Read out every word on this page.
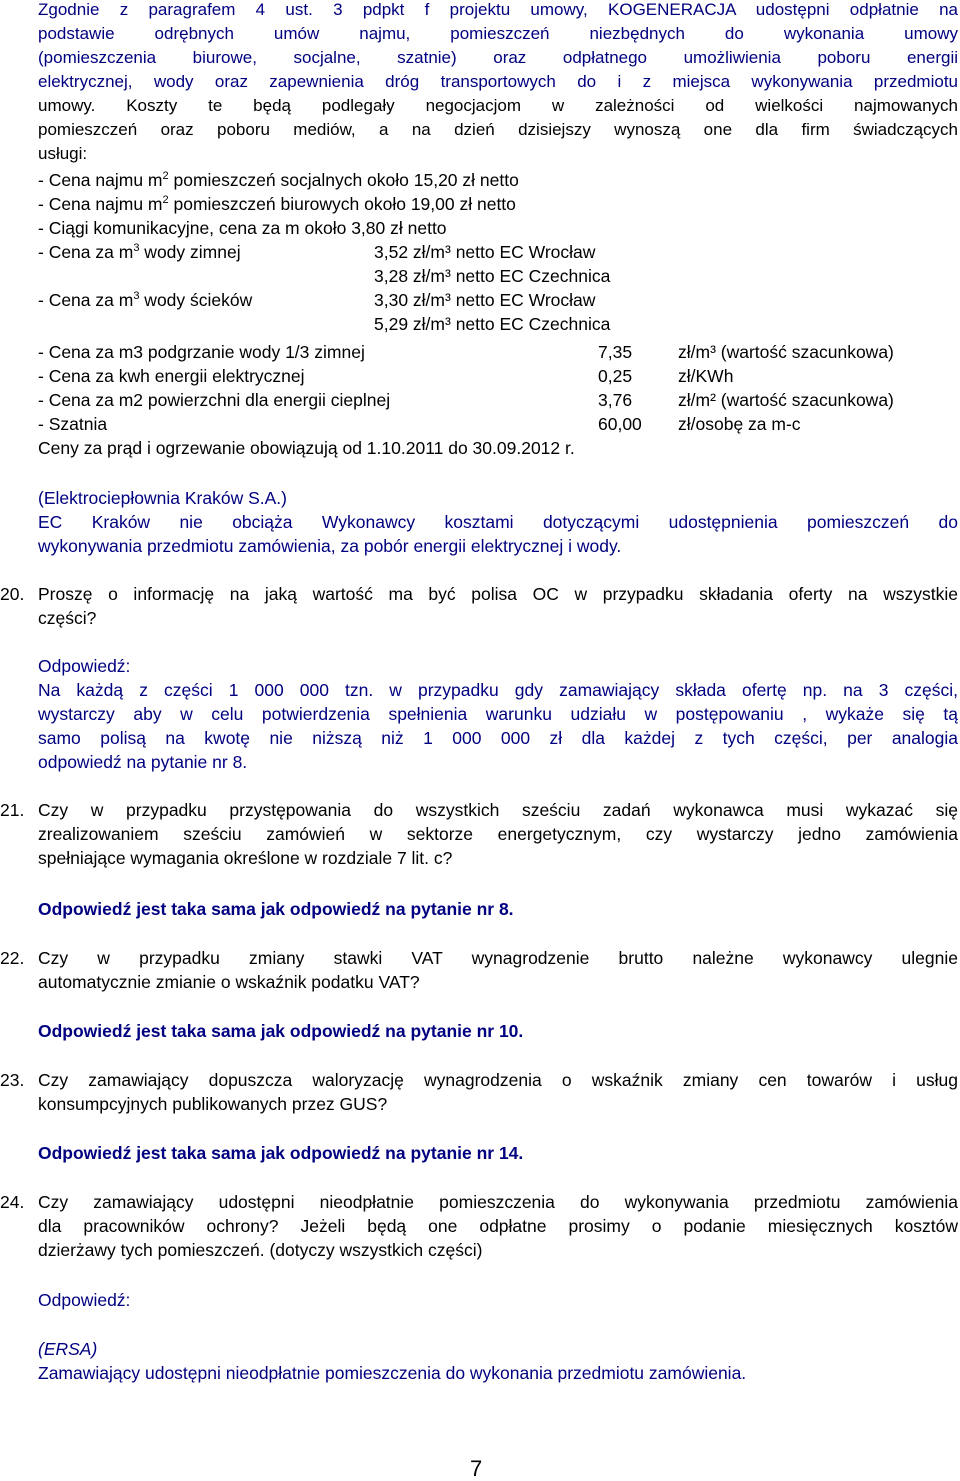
Zgodnie z paragrafem 4 ust. 3 pdpkt f projektu umowy, KOGENERACJA udostępni odpłatnie na
podstawie odrębnych umów najmu, pomieszczeń niezbędnych do wykonania umowy
(pomieszczenia biurowe, socjalne, szatnie) oraz odpłatnego umożliwienia poboru energii
elektrycznej, wody oraz zapewnienia dróg transportowych do i z miejsca wykonywania przedmiotu
umowy. Koszty te będą podlegały negocjacjom w zależności od wielkości najmowanych
pomieszczeń oraz poboru mediów, a na dzień dzisiejszy wynoszą one dla firm świadczących
usługi:
- Cena najmu $m^2$ pomieszczeń socjalnych około 15,20 zł netto
- Cena najmu $m^2$ pomieszczeń biurowych około 19,00 zł netto
- Ciągi komunikacyjne, cena za m około 3,80 zł netto
- Cena za $m^3$ wody zimnej	3,52 zł/m³ netto EC Wrocław
3,28 zł/m³ netto EC Czechnica
- Cena za $m^3$ wody ścieków	3,30 zł/m³ netto EC Wrocław
5,29 zł/m³ netto EC Czechnica
- Cena za m3 podgrzanie wody 1/3 zimnej	7,35	zł/m³ (wartość szacunkowa)
- Cena za kwh energii elektrycznej	0,25	zł/KWh
- Cena za m2 powierzchni dla energii cieplnej	3,76	zł/m² (wartość szacunkowa)
- Szatnia	60,00 zł/osobę za m-c
Ceny za prąd i ogrzewanie obowiązują od 1.10.2011 do 30.09.2012 r.
(Elektrociepłownia Kraków S.A.)
EC Kraków nie obciąża Wykonawcy kosztami dotyczącymi udostępnienia pomieszczeń do
wykonywania przedmiotu zamówienia, za pobór energii elektrycznej i wody.
20. Proszę o informację na jaką wartość ma być polisa OC w przypadku składania oferty na wszystkie
części?
Odpowiedź:
Na każdą z części 1 000 000 tzn. w przypadku gdy zamawiający składa ofertę np. na 3 części,
wystarczy aby w celu potwierdzenia spełnienia warunku udziału w postępowaniu , wykaże się tą
samo polisą na kwotę nie niższą niż 1 000 000 zł dla każdej z tych części, per analogia
odpowiedź na pytanie nr 8.
21. Czy w przypadku przystępowania do wszystkich sześciu zadań wykonawca musi wykazać się
zrealizowaniem sześciu zamówień w sektorze energetycznym, czy wystarczy jedno zamówienia
spełniające wymagania określone w rozdziale 7 lit. c?
Odpowiedź jest taka sama jak odpowiedź na pytanie nr 8.
22. Czy w przypadku zmiany stawki VAT wynagrodzenie brutto należne wykonawcy ulegnie
automatycznie zmianie o wskaźnik podatku VAT?
Odpowiedź jest taka sama jak odpowiedź na pytanie nr 10.
23. Czy zamawiający dopuszcza waloryzację wynagrodzenia o wskaźnik zmiany cen towarów i usług
konsumpcyjnych publikowanych przez GUS?
Odpowiedź jest taka sama jak odpowiedź na pytanie nr 14.
24. Czy zamawiający udostępni nieodpłatnie pomieszczenia do wykonywania przedmiotu zamówienia
dla pracowników ochrony? Jeżeli będą one odpłatne prosimy o podanie miesięcznych kosztów
dzierżawy tych pomieszczeń. (dotyczy wszystkich części)
Odpowiedź:
(ERSA)
Zamawiający udostępni nieodpłatnie pomieszczenia do wykonania przedmiotu zamówienia.
7
